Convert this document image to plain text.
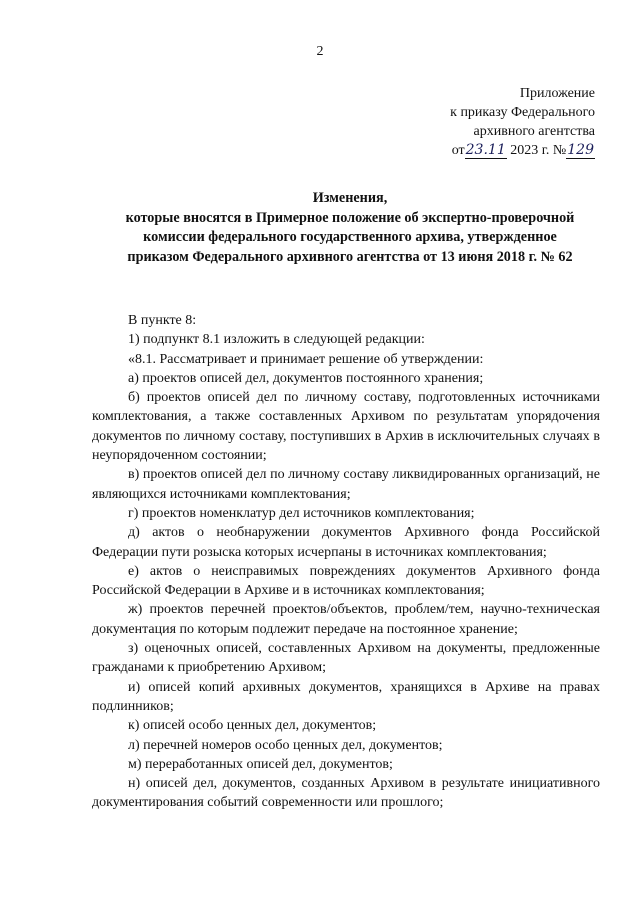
2
Приложение
к приказу Федерального
архивного агентства
от23.11 2023 г. №129
Изменения,
которые вносятся в Примерное положение об экспертно-проверочной
комиссии федерального государственного архива, утвержденное
приказом Федерального архивного агентства от 13 июня 2018 г. № 62

В пункте 8:

1) подпункт 8.1 изложить в следующей редакции:

«8.1. Рассматривает и принимает решение об утверждении:

а) проектов описей дел, документов постоянного хранения;

б) проектов описей дел по личному составу, подготовленных источниками комплектования, а также составленных Архивом по результатам упорядочения документов по личному составу, поступивших в Архив в исключительных случаях в неупорядоченном состоянии;

в) проектов описей дел по личному составу ликвидированных организаций, не являющихся источниками комплектования;

г) проектов номенклатур дел источников комплектования;

д) актов о необнаружении документов Архивного фонда Российской Федерации пути розыска которых исчерпаны в источниках комплектования;

е) актов о неисправимых повреждениях документов Архивного фонда Российской Федерации в Архиве и в источниках комплектования;

ж) проектов перечней проектов/объектов, проблем/тем, научно-техническая документация по которым подлежит передаче на постоянное хранение;

з) оценочных описей, составленных Архивом на документы, предложенные гражданами к приобретению Архивом;

и) описей копий архивных документов, хранящихся в Архиве на правах подлинников;

к) описей особо ценных дел, документов;

л) перечней номеров особо ценных дел, документов;

м) переработанных описей дел, документов;

н) описей дел, документов, созданных Архивом в результате инициативного документирования событий современности или прошлого;
